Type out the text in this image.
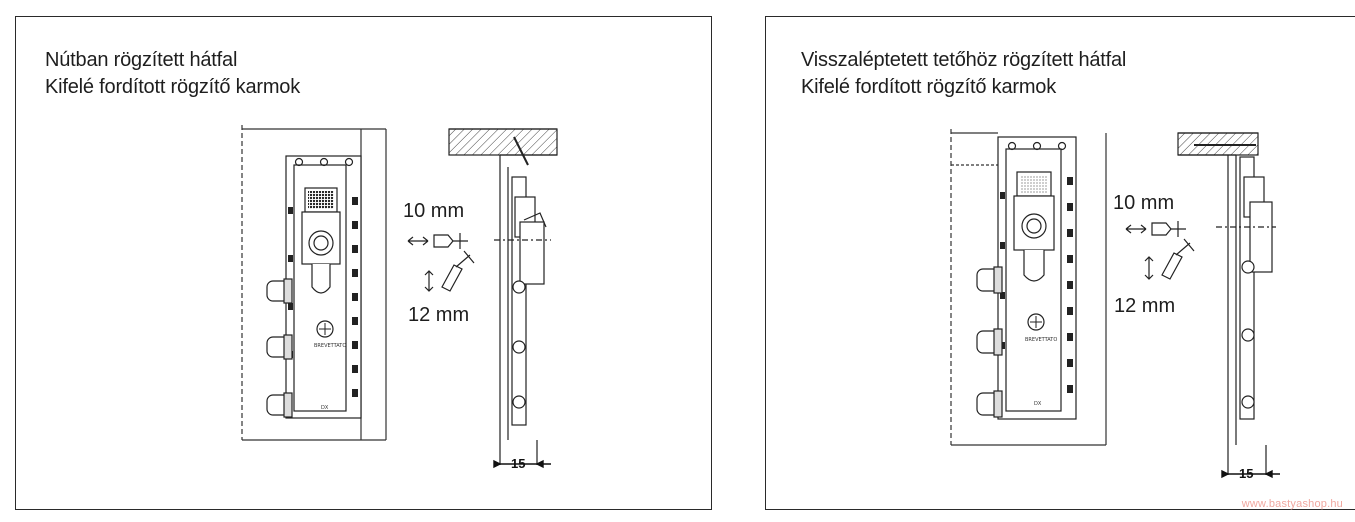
Nútban rögzített hátfal
Kifelé fordított rögzítő karmok
BREVETTATO
DX
10 mm
12 mm
15
Visszaléptetett tetőhöz rögzített hátfal
Kifelé fordított rögzítő karmok
BREVETTATO
DX
10 mm
12 mm
15
www.bastyashop.hu
